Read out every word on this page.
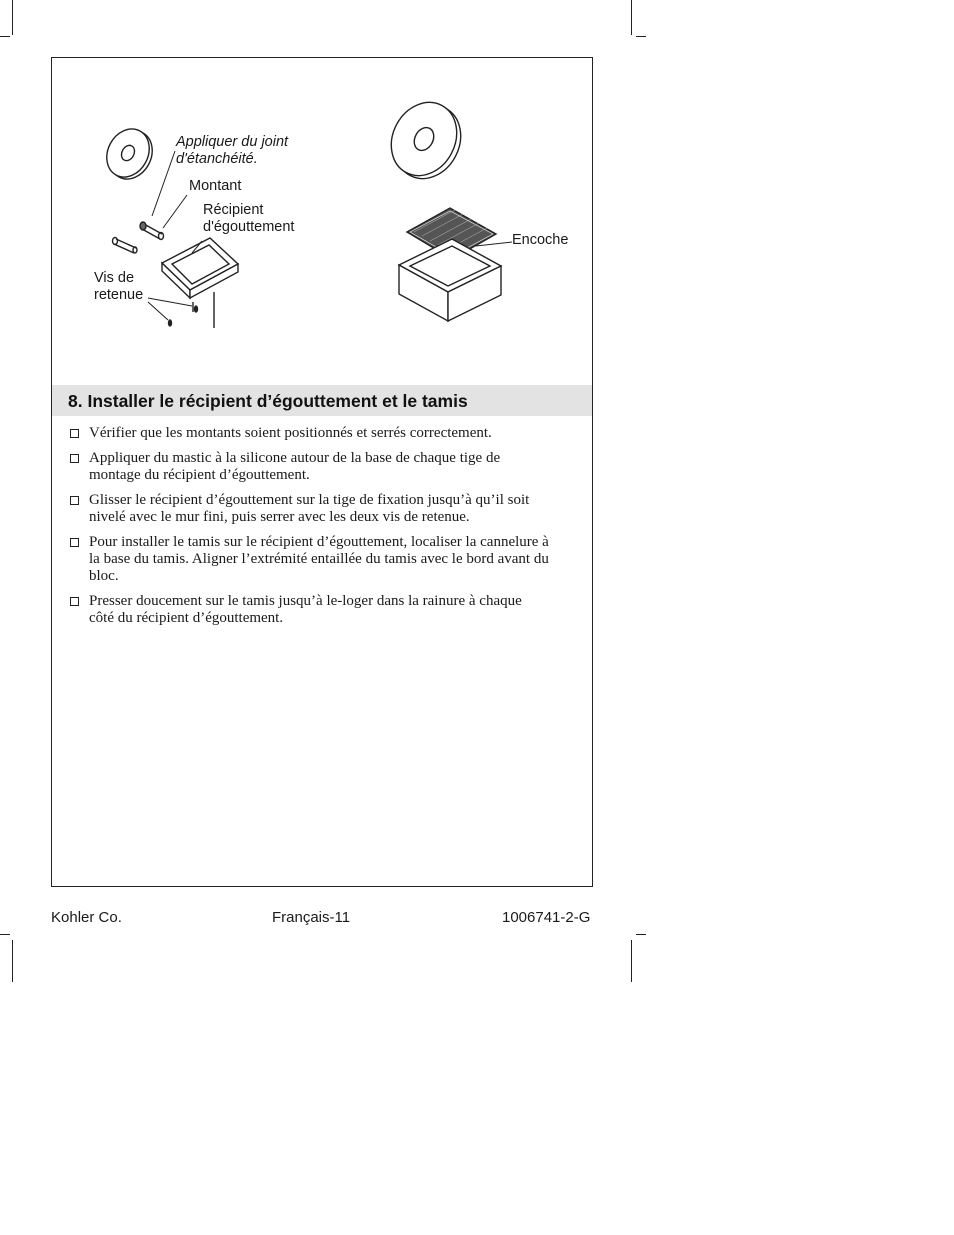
Appliquer du joint d'étanchéité.
Montant
Récipient d'égouttement
Vis de retenue
Encoche
8. Installer le récipient d’égouttement et le tamis
Vérifier que les montants soient positionnés et serrés correctement.
Appliquer du mastic à la silicone autour de la base de chaque tige de montage du récipient d’égouttement.
Glisser le récipient d’égouttement sur la tige de fixation jusqu’à qu’il soit nivelé avec le mur fini, puis serrer avec les deux vis de retenue.
Pour installer le tamis sur le récipient d’égouttement, localiser la cannelure à la base du tamis. Aligner l’extrémité entaillée du tamis avec le bord avant du bloc.
Presser doucement sur le tamis jusqu’à le-loger dans la rainure à chaque côté du récipient d’égouttement.
Kohler Co.	Français-11	1006741-2-G
